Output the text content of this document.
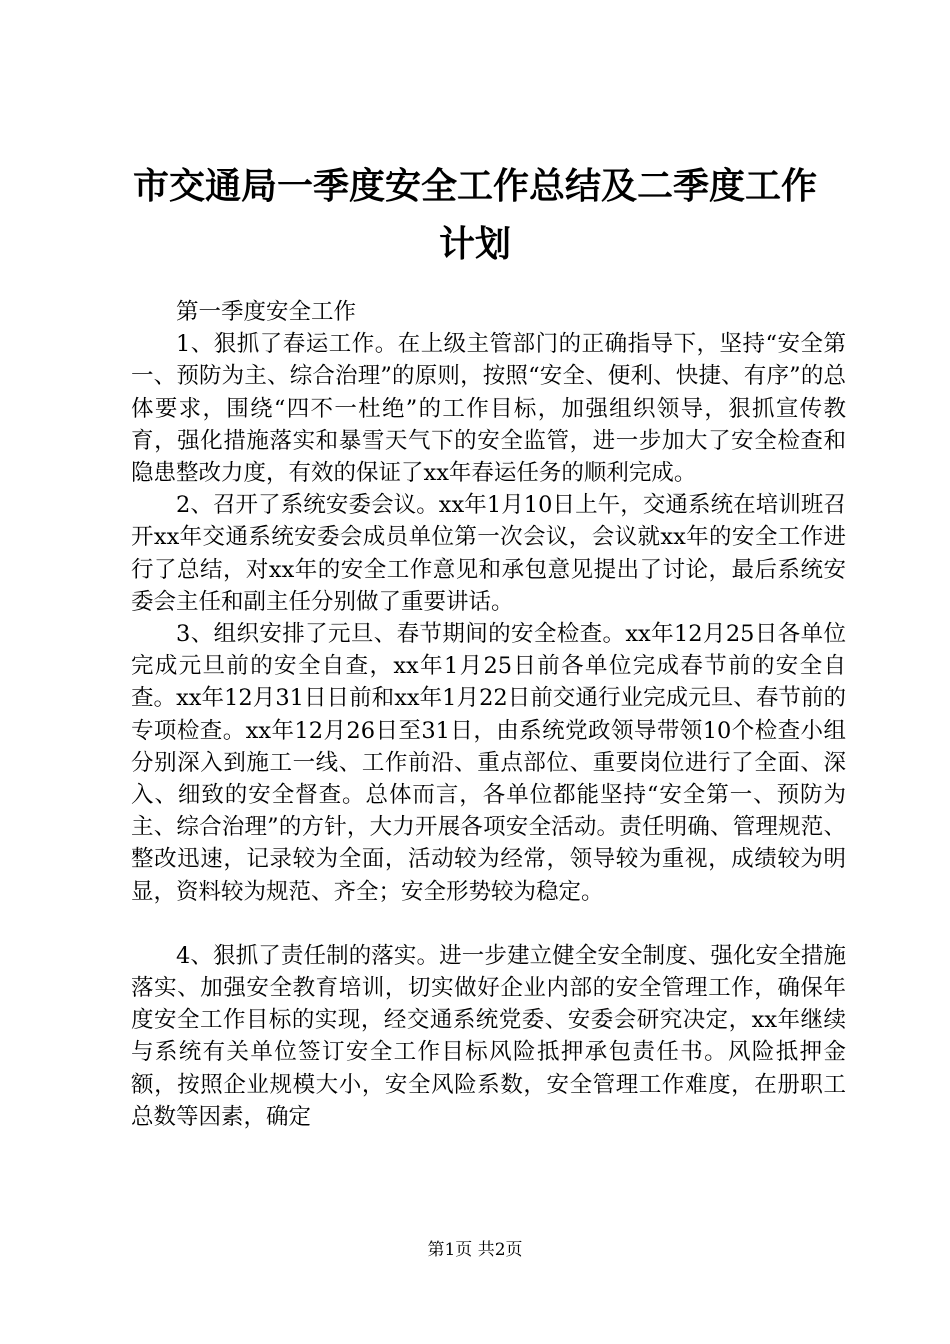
市交通局一季度安全工作总结及二季度工作计划

第一季度安全工作

1、狠抓了春运工作。在上级主管部门的正确指导下，坚持“安全第一、预防为主、综合治理”的原则，按照“安全、便利、快捷、有序”的总体要求，围绕“四不一杜绝”的工作目标，加强组织领导，狠抓宣传教育，强化措施落实和暴雪天气下的安全监管，进一步加大了安全检查和隐患整改力度，有效的保证了xx年春运任务的顺利完成。

2、召开了系统安委会议。xx年1月10日上午，交通系统在培训班召开xx年交通系统安委会成员单位第一次会议，会议就xx年的安全工作进行了总结，对xx年的安全工作意见和承包意见提出了讨论，最后系统安委会主任和副主任分别做了重要讲话。

3、组织安排了元旦、春节期间的安全检查。xx年12月25日各单位完成元旦前的安全自查，xx年1月25日前各单位完成春节前的安全自查。xx年12月31日日前和xx年1月22日前交通行业完成元旦、春节前的专项检查。xx年12月26日至31日，由系统党政领导带领10个检查小组分别深入到施工一线、工作前沿、重点部位、重要岗位进行了全面、深入、细致的安全督查。总体而言，各单位都能坚持“安全第一、预防为主、综合治理”的方针，大力开展各项安全活动。责任明确、管理规范、整改迅速，记录较为全面，活动较为经常，领导较为重视，成绩较为明显，资料较为规范、齐全；安全形势较为稳定。

4、狠抓了责任制的落实。进一步建立健全安全制度、强化安全措施落实、加强安全教育培训，切实做好企业内部的安全管理工作，确保年度安全工作目标的实现，经交通系统党委、安委会研究决定，xx年继续与系统有关单位签订安全工作目标风险抵押承包责任书。风险抵押金额，按照企业规模大小，安全风险系数，安全管理工作难度，在册职工总数等因素，确定

第1页 共2页
